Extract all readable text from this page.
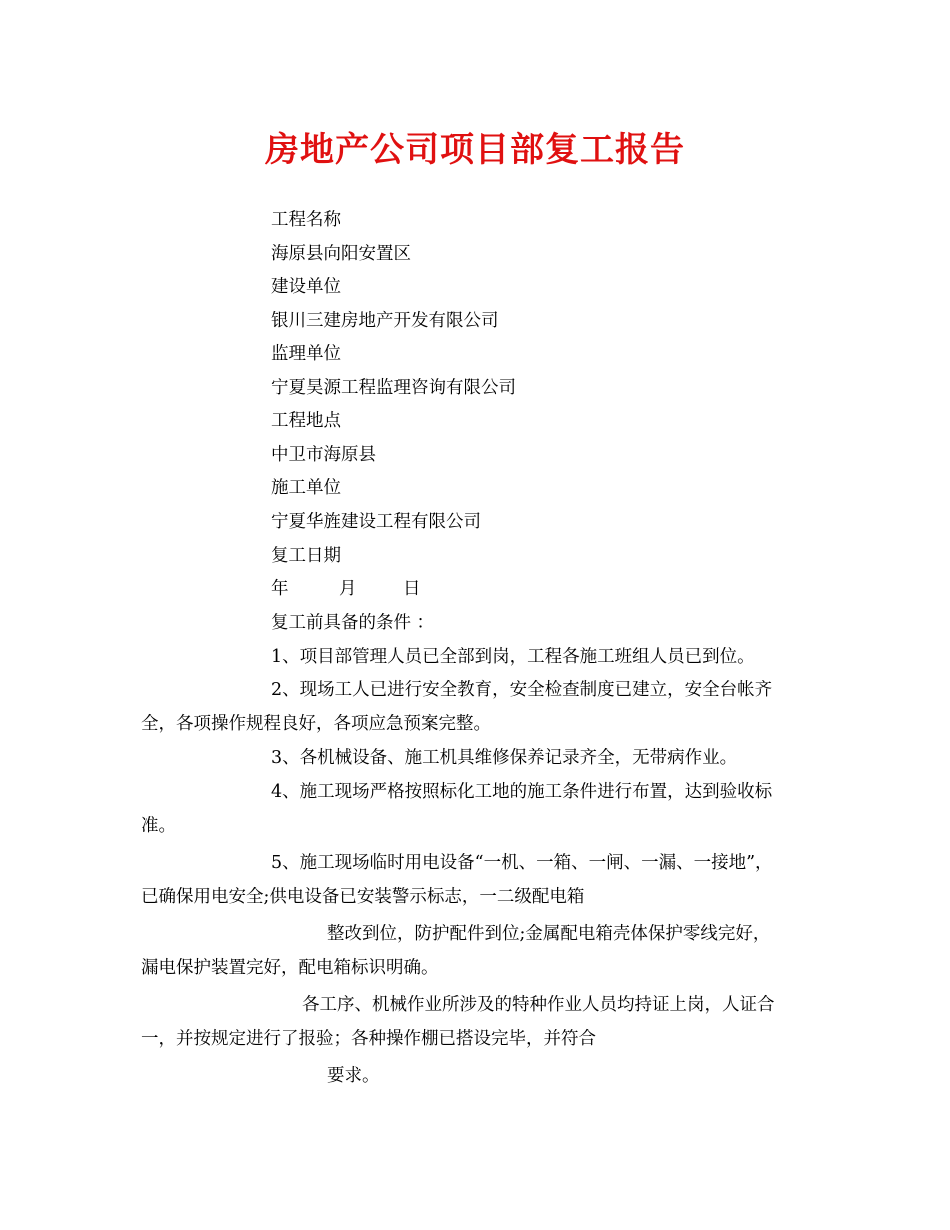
房地产公司项目部复工报告
工程名称
海原县向阳安置区
建设单位
银川三建房地产开发有限公司
监理单位
宁夏昊源工程监理咨询有限公司
工程地点
中卫市海原县
施工单位
宁夏华旌建设工程有限公司
复工日期
年	月	日
复工前具备的条件 ：
1、项目部管理人员已全部到岗，工程各施工班组人员已到位。
2、现场工人已进行安全教育，安全检查制度已建立，安全台帐齐
全，各项操作规程良好，各项应急预案完整。
3、各机械设备、施工机具维修保养记录齐全，无带病作业。
4、施工现场严格按照标化工地的施工条件进行布置，达到验收标
准。
5、施工现场临时用电设备“一机、一箱、一闸、一漏、一接地”，
已确保用电安全;供电设备已安装警示标志，一二级配电箱
整改到位，防护配件到位;金属配电箱壳体保护零线完好，
漏电保护装置完好，配电箱标识明确。
各工序、机械作业所涉及的特种作业人员均持证上岗，人证合
一，并按规定进行了报验；各种操作棚已搭设完毕，并符合
要求。
